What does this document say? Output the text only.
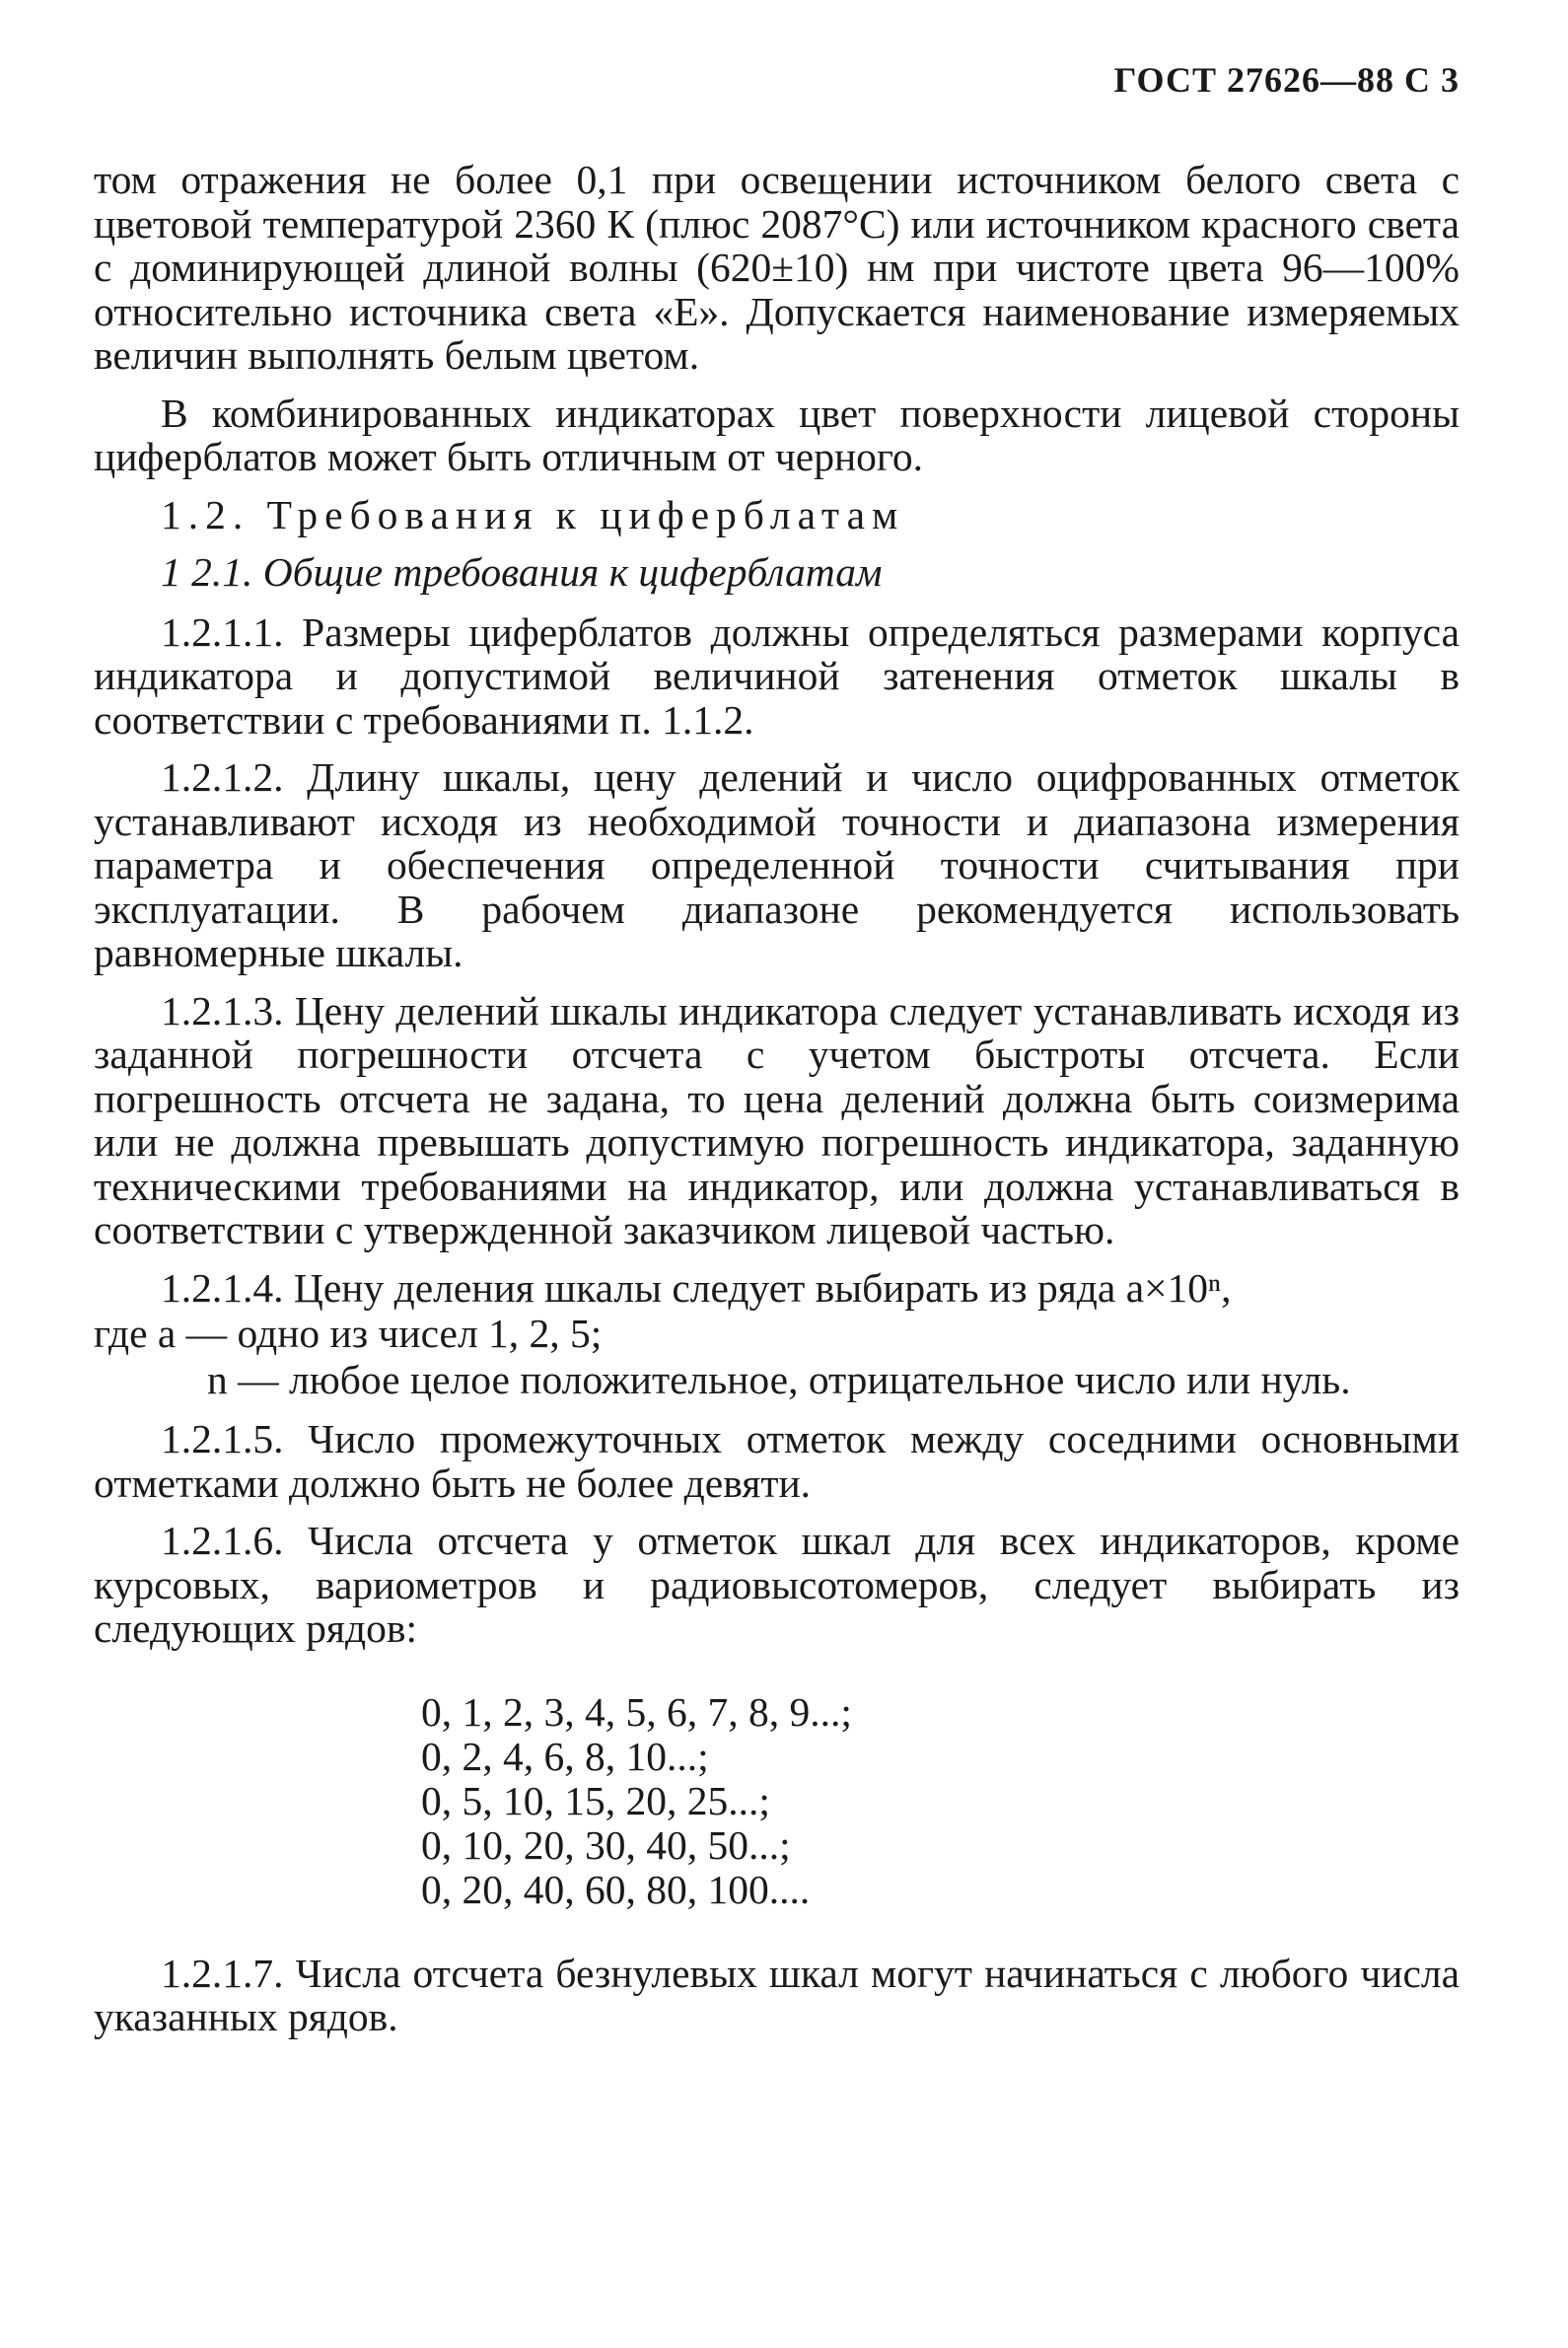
ГОСТ 27626—88 С 3

том отражения не более 0,1 при освещении источником белого света с цветовой температурой 2360 К (плюс 2087°С) или источником красного света с доминирующей длиной волны (620±10) нм при чистоте цвета 96—100% относительно источника света «Е». Допускается наименование измеряемых величин выполнять белым цветом.

В комбинированных индикаторах цвет поверхности лицевой стороны циферблатов может быть отличным от черного.

1.2. Требования к циферблатам
1 2.1. Общие требования к циферблатам

1.2.1.1. Размеры циферблатов должны определяться размерами корпуса индикатора и допустимой величиной затенения отметок шкалы в соответствии с требованиями п. 1.1.2.

1.2.1.2. Длину шкалы, цену делений и число оцифрованных отметок устанавливают исходя из необходимой точности и диапазона измерения параметра и обеспечения определенной точности считывания при эксплуатации. В рабочем диапазоне рекомендуется использовать равномерные шкалы.

1.2.1.3. Цену делений шкалы индикатора следует устанавливать исходя из заданной погрешности отсчета с учетом быстроты отсчета. Если погрешность отсчета не задана, то цена делений должна быть соизмерима или не должна превышать допустимую погрешность индикатора, заданную техническими требованиями на индикатор, или должна устанавливаться в соответствии с утвержденной заказчиком лицевой частью.

1.2.1.4. Цену деления шкалы следует выбирать из ряда a×10ⁿ,
где a — одно из чисел 1, 2, 5;
n — любое целое положительное, отрицательное число или нуль.

1.2.1.5. Число промежуточных отметок между соседними основными отметками должно быть не более девяти.

1.2.1.6. Числа отсчета у отметок шкал для всех индикаторов, кроме курсовых, вариометров и радиовысотомеров, следует выбирать из следующих рядов:

0, 1, 2, 3, 4, 5, 6, 7, 8, 9...;
0, 2, 4, 6, 8, 10...;
0, 5, 10, 15, 20, 25...;
0, 10, 20, 30, 40, 50...;
0, 20, 40, 60, 80, 100....

1.2.1.7. Числа отсчета безнулевых шкал могут начинаться с любого числа указанных рядов.
